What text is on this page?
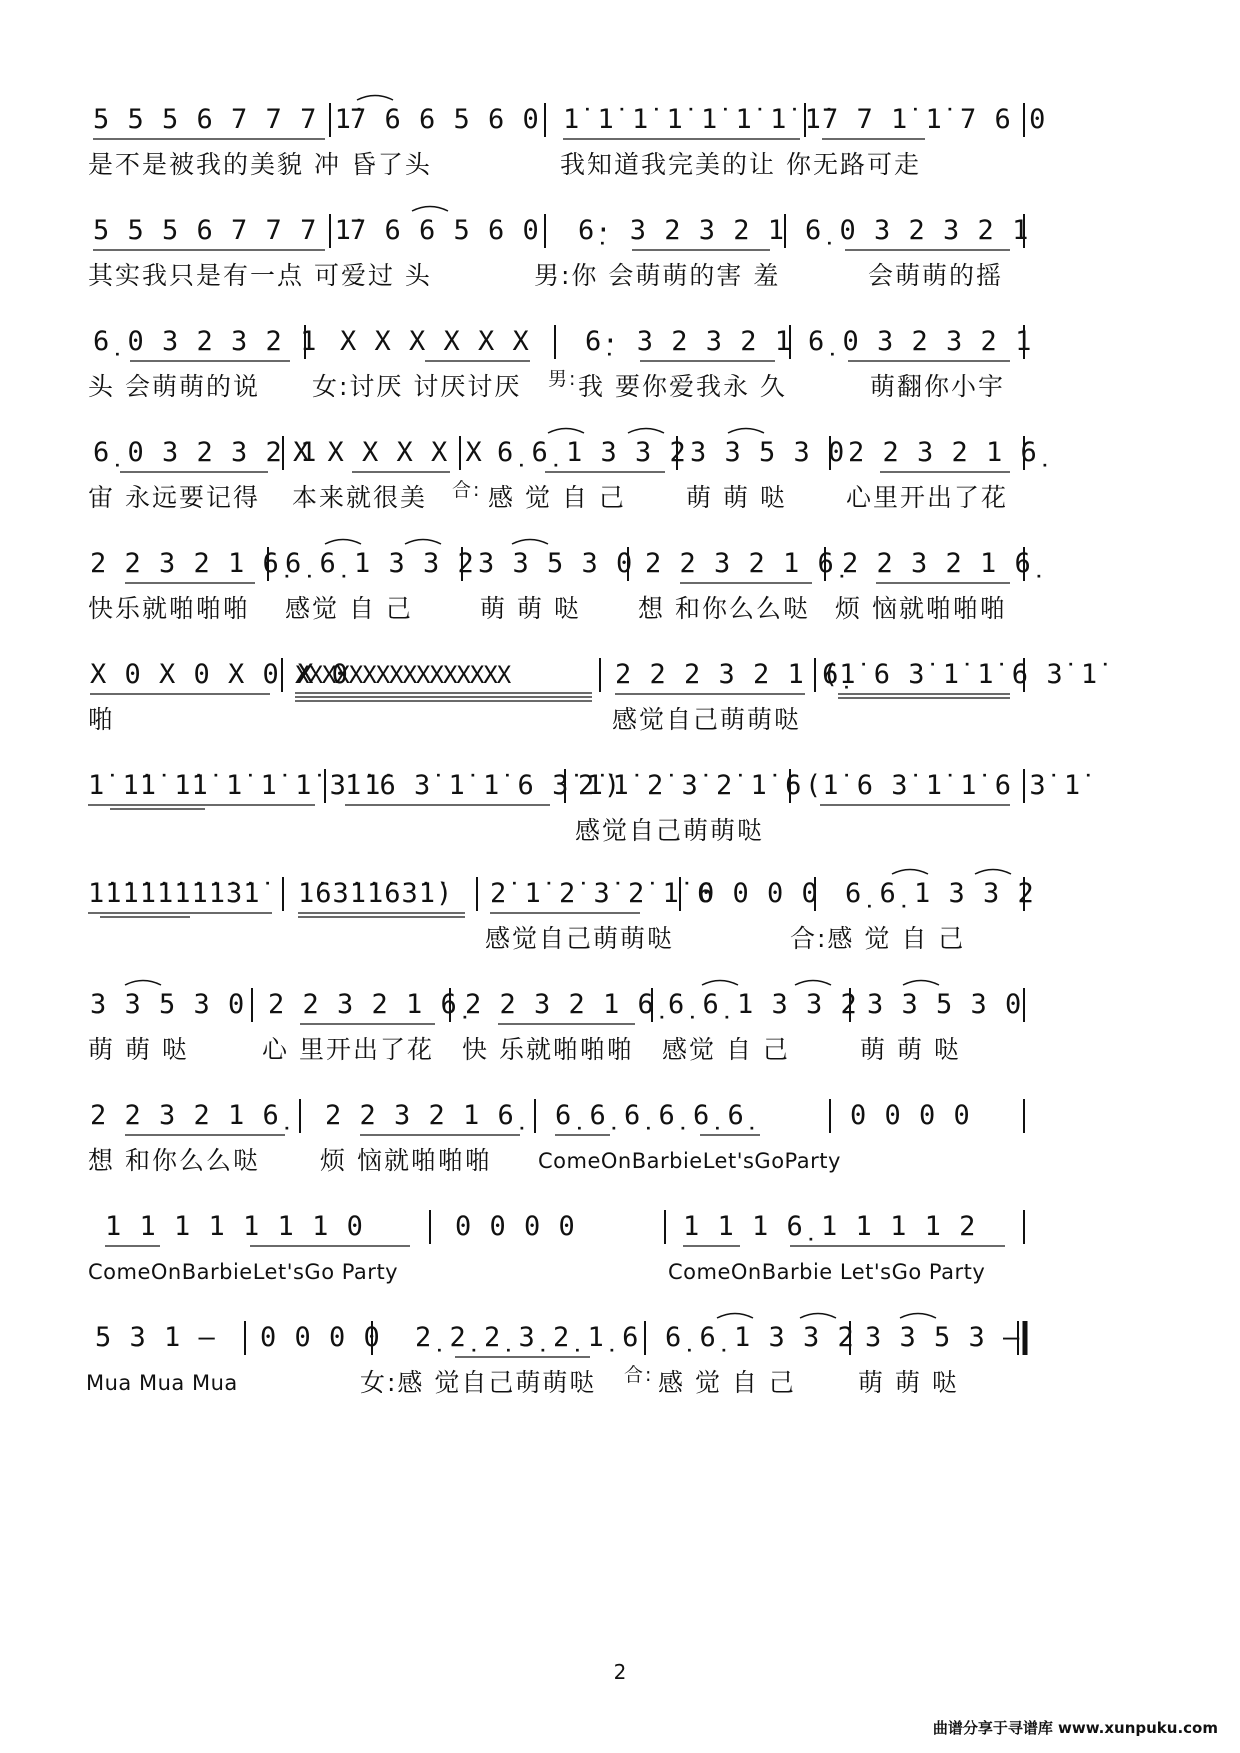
5 5 5 6 7 7 7 1̇
7 6 6 5 6 0 1̇ 1̇ 1̇ 1̇ 1̇ 1̇ 1̇ 1̇ 7 7 1̇ 1̇ 7 6 0
是不是被我的美貌 冲 昏了头	我知道我完美的让 你无路可走
5 5 5 6 7 7 7 1̇
7 6 6 5 6 0 6̣· 3 2 3 2 1 6̣ 0 3 2 3 2 1
其实我只是有一点 可爱过 头	男:你 会萌萌的害 羞	会萌萌的摇
6̣ 0 3 2 3 2 1 X X X X X X 6̣· 3 2 3 2 1 6̣ 0 3 2 3 2 1
头 会萌萌的说 女:讨厌 讨厌讨厌 男: 我 要你爱我永 久	萌翻你小宇
6̣ 0 3 2 3 2 1
X X X X X X 6̣ 6̣ 1 3 3 2 3 3 5 3 0 2 2 3 2 1 6̣
宙 永远要记得 本来就很美 合: 感 觉 自 己 萌 萌 哒 心里开出了花
2 2 3 2 1 6̣ 6̣ 6̣ 1 3 3 2 3 3 5 3 0 2 2 3 2 1 6̣ 2 2 3 2 1 6̣
快乐就啪啪啪 感觉 自 己	萌 萌 哒 想 和你么么哒 烦 恼就啪啪啪
X 0 X 0 X 0 X 0
XXXXXXXXXXXXXXXX	2 2 2 3 2 1 6̣
(1̇ 6 3̇ 1̇ 1̇ 6 3̇ 1̇
啪	感觉自己萌萌哒
1̇ 1̇1̇ 1̇1̇ 1̇ 1̇ 1̇ 3̇ 1̇
1̇ 6 3̇ 1̇ 1̇ 6 3̇ 1̇)
2̇ 1̇ 2̇ 3̇ 2̇ 1̇ 6 (1̇ 6 3̇ 1̇ 1̇ 6 3̇ 1̇
感觉自己萌萌哒
1̇1̇1̇1̇1̇1̇1̇1̇3̇1̇ 1̇63̇1̇1̇63̇1̇) 2̇ 1̇ 2̇ 3̇ 2̇ 1̇ 6
0 0 0 0 6̣ 6̣ 1 3 3 2
感觉自己萌萌哒	合:感 觉 自 己
3 3 5 3 0 2 2 3 2 1 6̣ 2 2 3 2 1 6̣ 6̣ 6̣ 1 3 3 2 3 3 5 3 0
萌 萌 哒	心 里开出了花 快 乐就啪啪啪 感觉 自 己	萌 萌 哒
2 2 3 2 1 6̣ 2 2 3 2 1 6̣ 6̣ 6̣ 6̣ 6̣ 6̣ 6̣	0 0 0 0
想 和你么么哒 烦 恼就啪啪啪 ComeOnBarbieLet'sGoParty
1 1 1 1 1 1 1 0	0 0 0 0	1 1 1 6̣ 1 1 1 1 2
ComeOnBarbieLet'sGo Party	ComeOnBarbie Let'sGo Party
5 3 1 – 0 0 0 0 2̣ 2̣ 2̣ 3̣ 2̣ 1̣ 6 6̣ 6̣ 1 3 3 2 3 3 5 3 –
Mua Mua Mua	女:感 觉自己萌萌哒 合: 感 觉 自 己 萌 萌 哒
2
曲谱分享于寻谱库 www.xunpuku.com
